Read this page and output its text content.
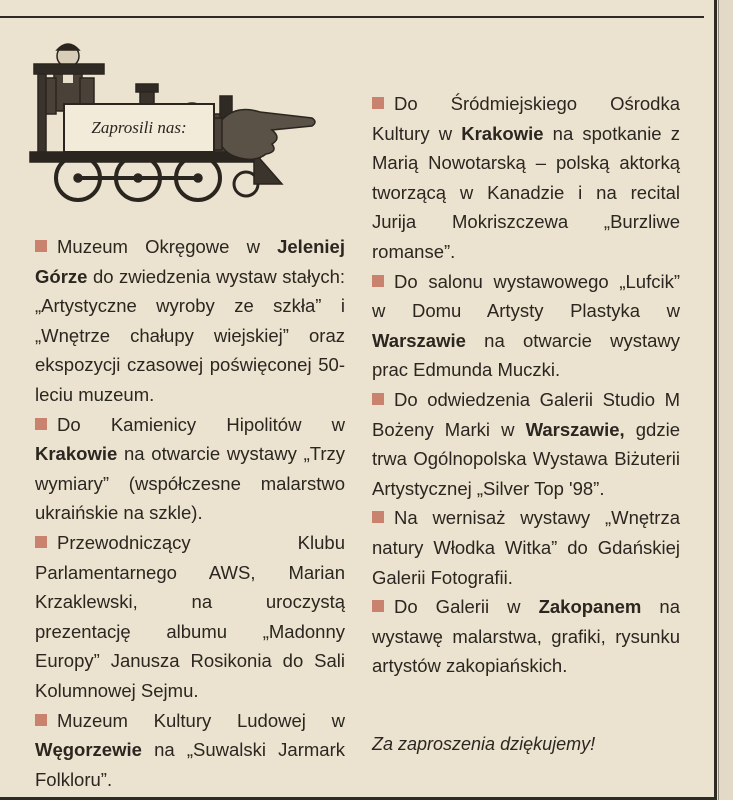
Zaprosili nas:

Muzeum Okręgowe w Jeleniej Górze do zwiedzenia wystaw stałych: „Artystyczne wyroby ze szkła” i „Wnętrze chałupy wiejskiej” oraz ekspozycji czasowej poświęconej 50-leciu muzeum.

Do Kamienicy Hipolitów w Krakowie na otwarcie wystawy „Trzy wymiary” (współczesne malarstwo ukraińskie na szkle).

Przewodniczący Klubu Parlamentarnego AWS, Marian Krzaklewski, na uroczystą prezentację albumu „Madonny Europy” Janusza Rosikonia do Sali Kolumnowej Sejmu.

Muzeum Kultury Ludowej w Węgorzewie na „Suwalski Jarmark Folkloru”.

Do Śródmiejskiego Ośrodka Kultury w Krakowie na spotkanie z Marią Nowotarską – polską aktorką tworzącą w Kanadzie i na recital Jurija Mokriszczewa „Burzliwe romanse”.

Do salonu wystawowego „Lufcik” w Domu Artysty Plastyka w Warszawie na otwarcie wystawy prac Edmunda Muczki.

Do odwiedzenia Galerii Studio M Bożeny Marki w Warszawie, gdzie trwa Ogólnopolska Wystawa Biżuterii Artystycznej „Silver Top '98”.

Na wernisaż wystawy „Wnętrza natury Włodka Witka” do Gdańskiej Galerii Fotografii.

Do Galerii w Zakopanem na wystawę malarstwa, grafiki, rysunku artystów zakopiańskich.

Za zaproszenia dziękujemy!
